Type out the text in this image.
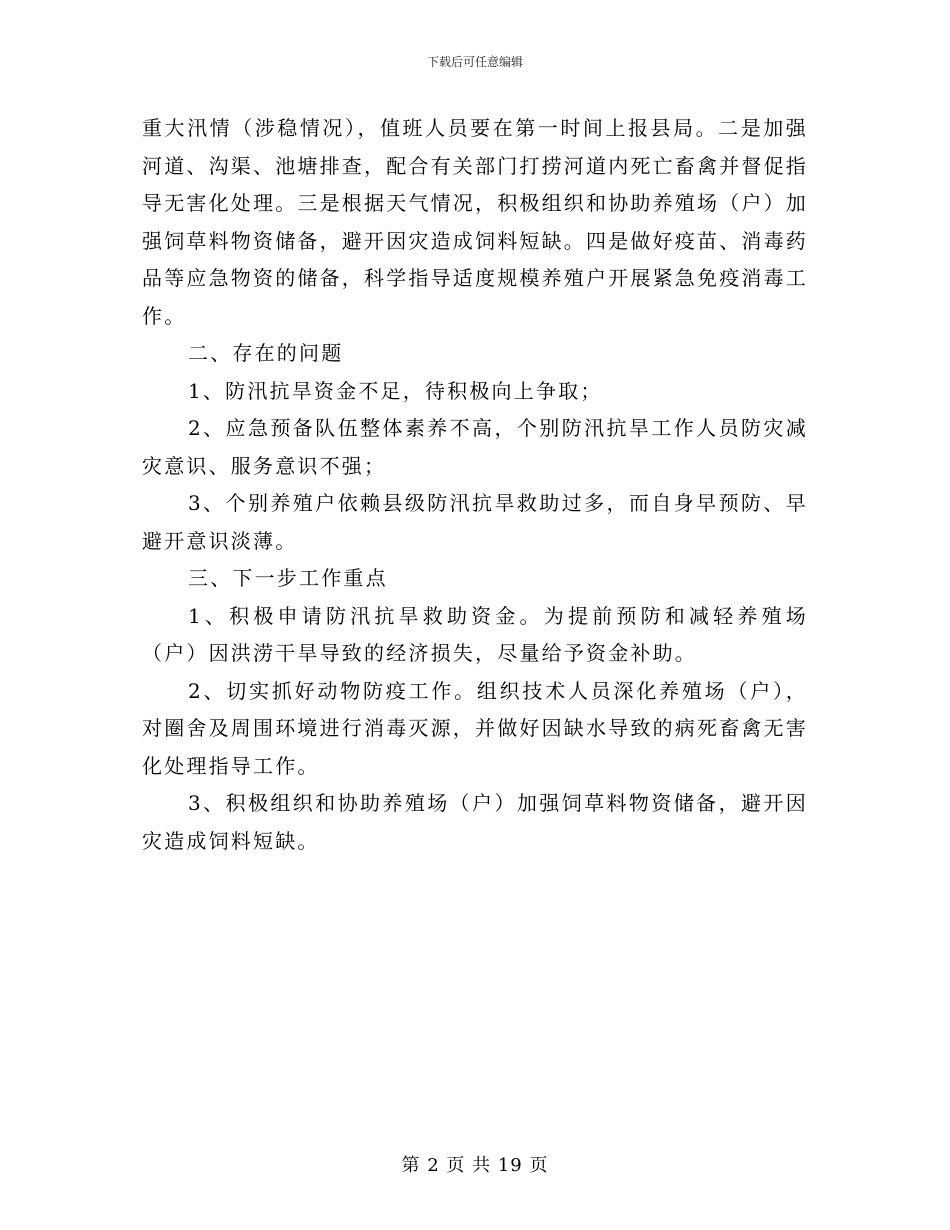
下载后可任意编辑

重大汛情（涉稳情况），值班人员要在第一时间上报县局。二是加强河道、沟渠、池塘排查，配合有关部门打捞河道内死亡畜禽并督促指导无害化处理。三是根据天气情况，积极组织和协助养殖场（户）加强饲草料物资储备，避开因灾造成饲料短缺。四是做好疫苗、消毒药品等应急物资的储备，科学指导适度规模养殖户开展紧急免疫消毒工作。

二、存在的问题

1、防汛抗旱资金不足，待积极向上争取；

2、应急预备队伍整体素养不高，个别防汛抗旱工作人员防灾减灾意识、服务意识不强；

3、个别养殖户依赖县级防汛抗旱救助过多，而自身早预防、早避开意识淡薄。

三、下一步工作重点

1、积极申请防汛抗旱救助资金。为提前预防和减轻养殖场（户）因洪涝干旱导致的经济损失，尽量给予资金补助。

2、切实抓好动物防疫工作。组织技术人员深化养殖场（户），对圈舍及周围环境进行消毒灭源，并做好因缺水导致的病死畜禽无害化处理指导工作。

3、积极组织和协助养殖场（户）加强饲草料物资储备，避开因灾造成饲料短缺。

第 2 页 共 19 页
